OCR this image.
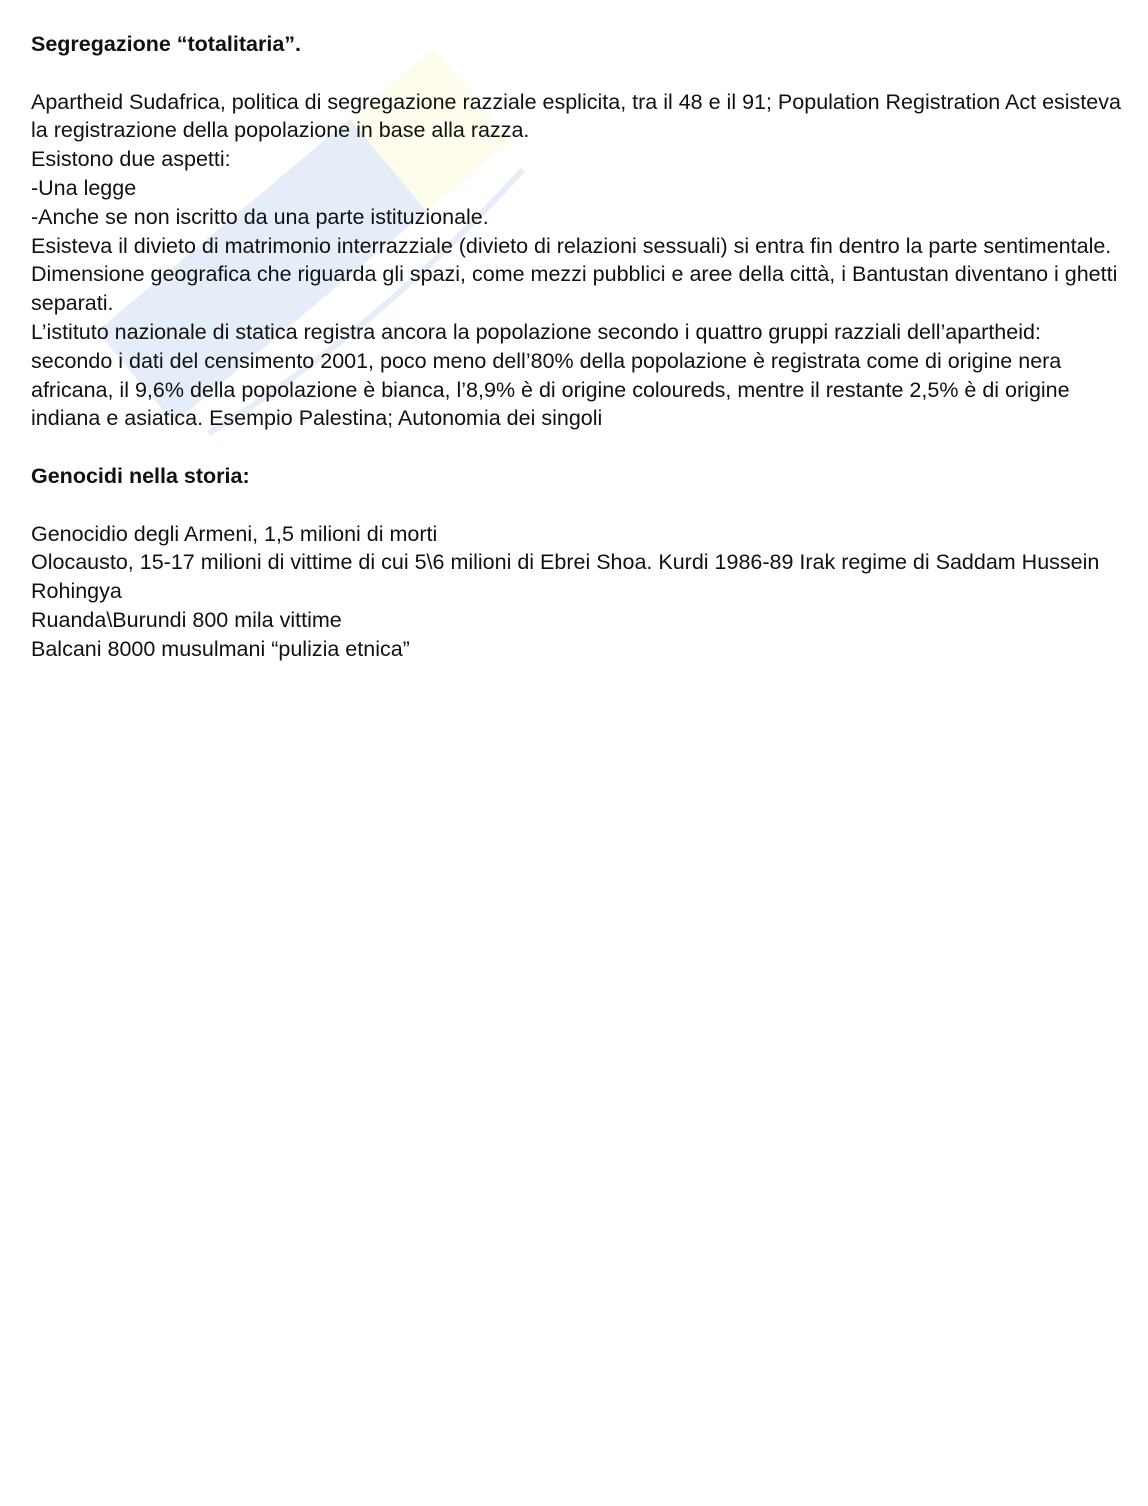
Segregazione “totalitaria”.

Apartheid Sudafrica, politica di segregazione razziale esplicita, tra il 48 e il 91; Population Registration Act esisteva la registrazione della popolazione in base alla razza.

Esistono due aspetti:

-Una legge

-Anche se non iscritto da una parte istituzionale.

Esisteva il divieto di matrimonio interrazziale (divieto di relazioni sessuali) si entra fin dentro la parte sentimentale. Dimensione geografica che riguarda gli spazi, come mezzi pubblici e aree della città, i Bantustan diventano i ghetti separati.

L’istituto nazionale di statica registra ancora la popolazione secondo i quattro gruppi razziali dell’apartheid: secondo i dati del censimento 2001, poco meno dell’80% della popolazione è registrata come di origine nera africana, il 9,6% della popolazione è bianca, l’8,9% è di origine coloureds, mentre il restante 2,5% è di origine indiana e asiatica. Esempio Palestina; Autonomia dei singoli

Genocidi nella storia:

Genocidio degli Armeni, 1,5 milioni di morti

Olocausto, 15-17 milioni di vittime di cui 5\6 milioni di Ebrei Shoa. Kurdi 1986-89 Irak regime di Saddam Hussein

Rohingya

Ruanda\Burundi 800 mila vittime

Balcani 8000 musulmani “pulizia etnica”
